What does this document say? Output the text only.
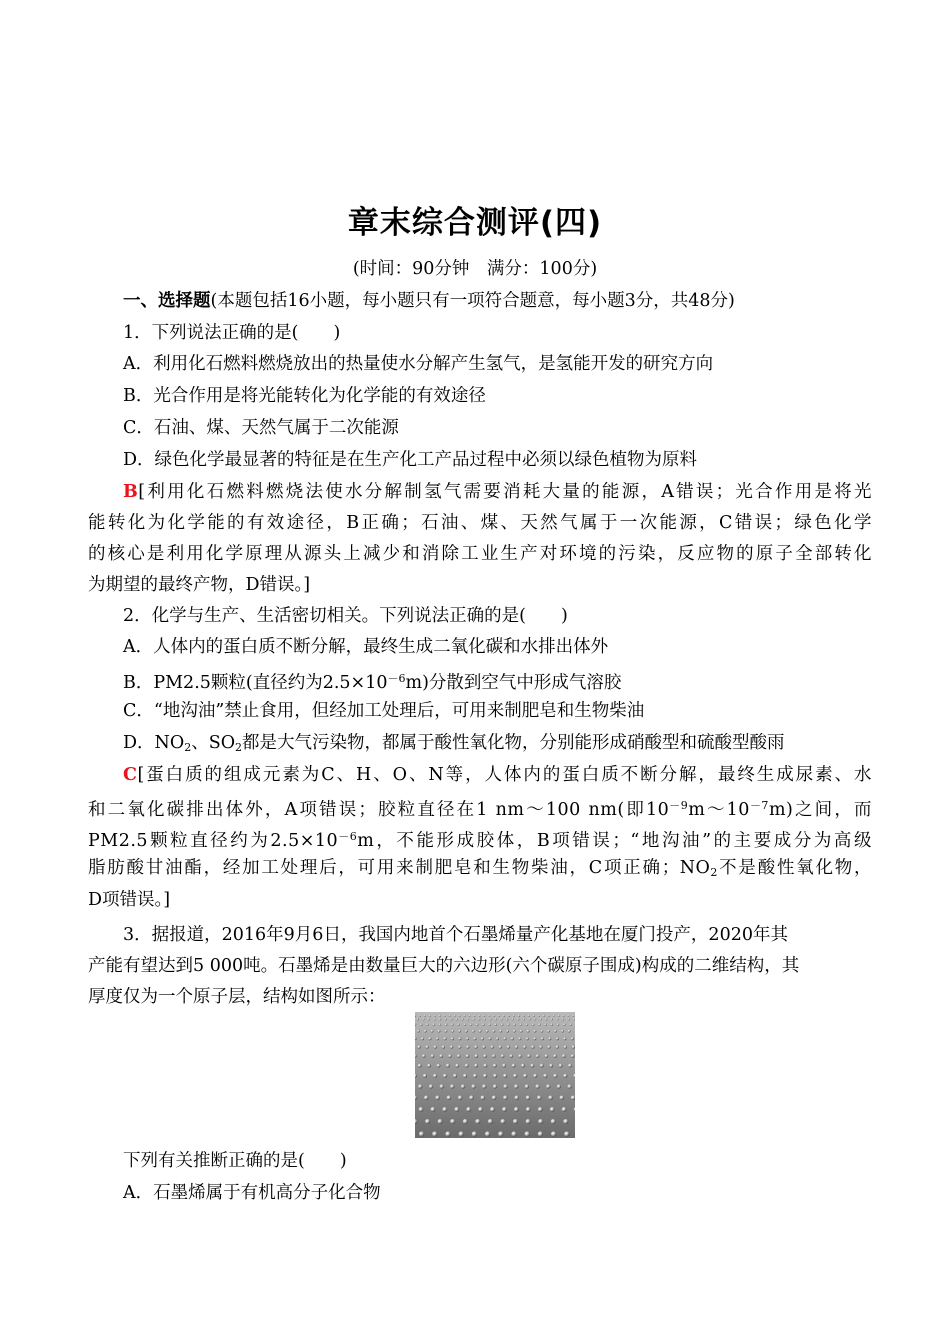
章末综合测评(四)
(时间：90分钟　满分：100分)
一、选择题(本题包括16小题，每小题只有一项符合题意，每小题3分，共48分)
1．下列说法正确的是(　　)
A．利用化石燃料燃烧放出的热量使水分解产生氢气，是氢能开发的研究方向
B．光合作用是将光能转化为化学能的有效途径
C．石油、煤、天然气属于二次能源
D．绿色化学最显著的特征是在生产化工产品过程中必须以绿色植物为原料
B[利用化石燃料燃烧法使水分解制氢气需要消耗大量的能源，A错误；光合作用是将光
能转化为化学能的有效途径，B正确；石油、煤、天然气属于一次能源，C错误；绿色化学
的核心是利用化学原理从源头上减少和消除工业生产对环境的污染，反应物的原子全部转化
为期望的最终产物，D错误。]
2．化学与生产、生活密切相关。下列说法正确的是(　　)
A．人体内的蛋白质不断分解，最终生成二氧化碳和水排出体外
B．PM2.5颗粒(直径约为$2.5\times 10^{-6}m$)分散到空气中形成气溶胶
C．“地沟油”禁止食用，但经加工处理后，可用来制肥皂和生物柴油
D．$NO_2$、$SO_2$都是大气污染物，都属于酸性氧化物，分别能形成硝酸型和硫酸型酸雨
C[蛋白质的组成元素为C、H、O、N等，人体内的蛋白质不断分解，最终生成尿素、水
和二氧化碳排出体外，A项错误；胶粒直径在1 nm～100 nm(即$10^{-9}m\sim 10^{-7}m$)之间，而
PM2.5颗粒直径约为$2.5\times 10^{-6}m$，不能形成胶体，B项错误；“地沟油”的主要成分为高级
脂肪酸甘油酯，经加工处理后，可用来制肥皂和生物柴油，C项正确；$NO_2$不是酸性氧化物，
D项错误。]
3．据报道，2016年9月6日，我国内地首个石墨烯量产化基地在厦门投产，2020年其
产能有望达到5 000吨。石墨烯是由数量巨大的六边形(六个碳原子围成)构成的二维结构，其
厚度仅为一个原子层，结构如图所示：
下列有关推断正确的是(　　)
A．石墨烯属于有机高分子化合物
